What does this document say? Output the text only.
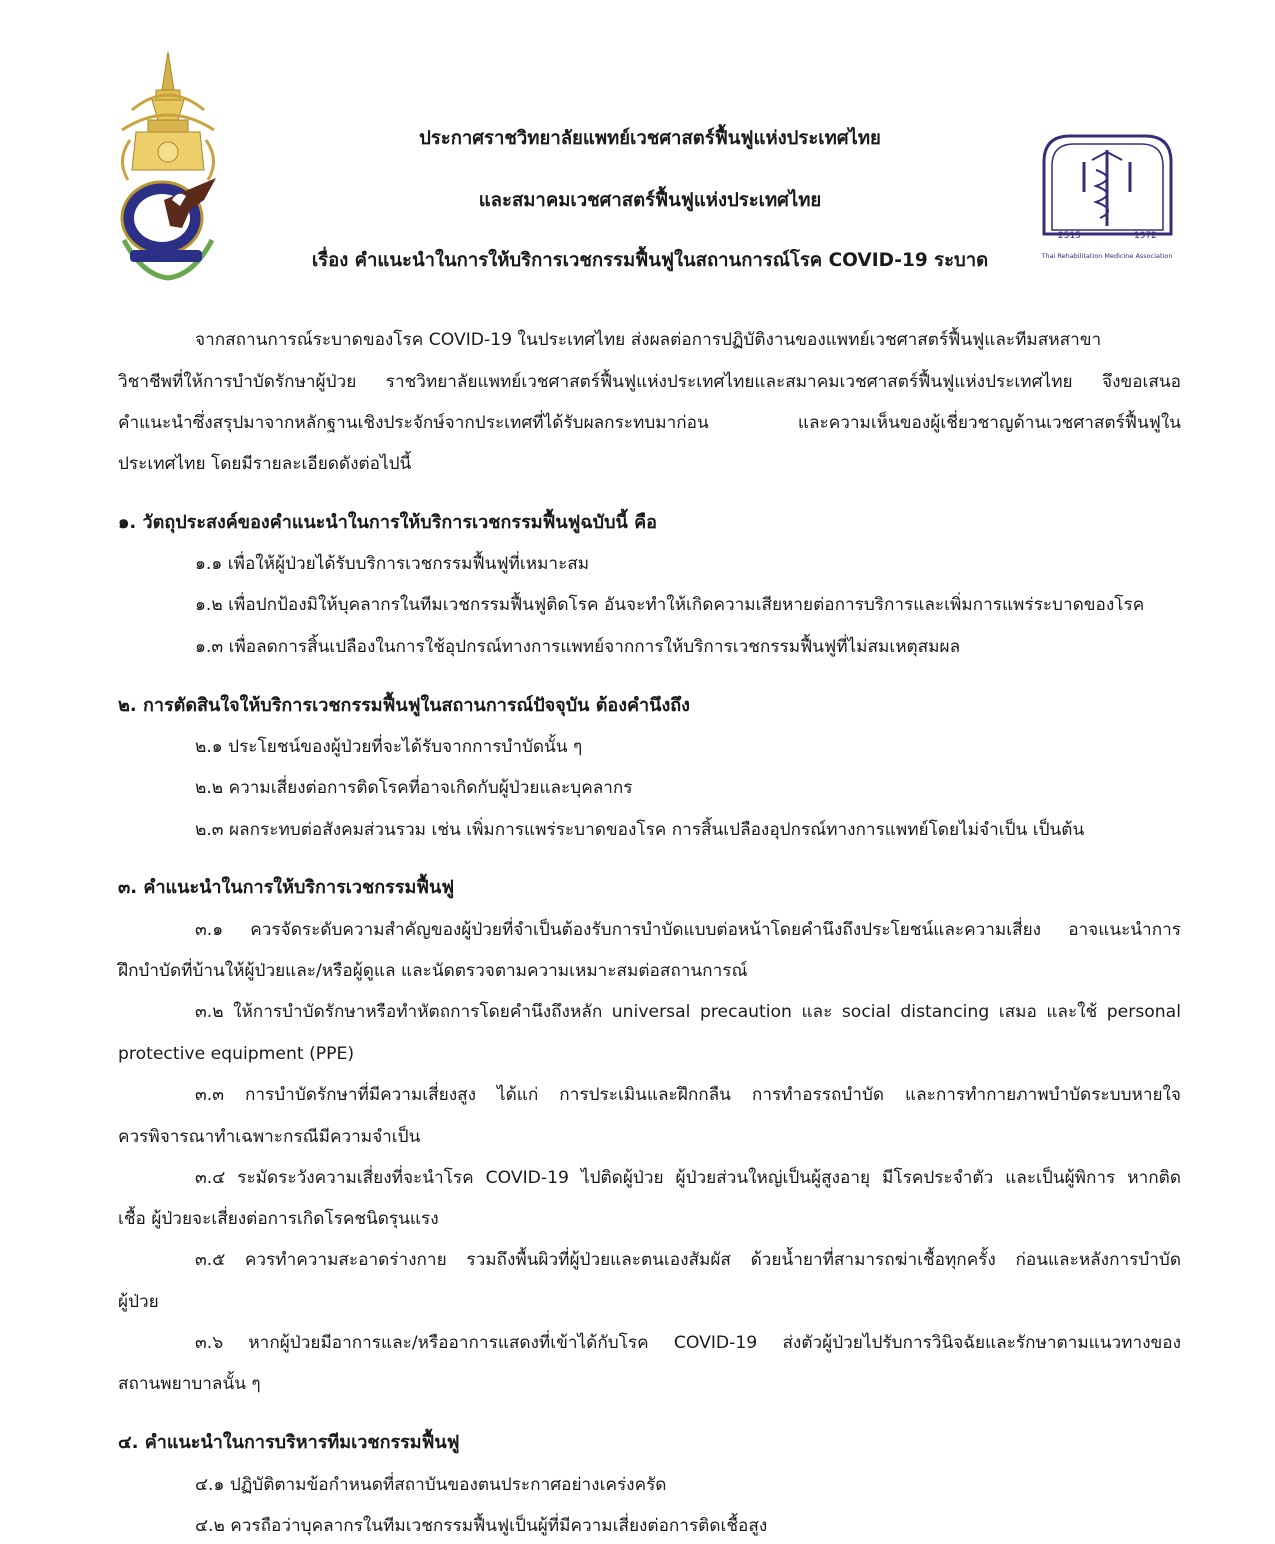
2515	1972
Thai Rehabilitation Medicine Association
ประกาศราชวิทยาลัยแพทย์เวชศาสตร์ฟื้นฟูแห่งประเทศไทย
และสมาคมเวชศาสตร์ฟื้นฟูแห่งประเทศไทย
เรื่อง คำแนะนำในการให้บริการเวชกรรมฟื้นฟูในสถานการณ์โรค COVID-19 ระบาด
จากสถานการณ์ระบาดของโรค COVID-19 ในประเทศไทย ส่งผลต่อการปฏิบัติงานของแพทย์เวชศาสตร์ฟื้นฟูและทีมสหสาขา
วิชาชีพที่ให้การบำบัดรักษาผู้ป่วย ราชวิทยาลัยแพทย์เวชศาสตร์ฟื้นฟูแห่งประเทศไทยและสมาคมเวชศาสตร์ฟื้นฟูแห่งประเทศไทย จึงขอเสนอ
คำแนะนำซึ่งสรุปมาจากหลักฐานเชิงประจักษ์จากประเทศที่ได้รับผลกระทบมาก่อน และความเห็นของผู้เชี่ยวชาญด้านเวชศาสตร์ฟื้นฟูใน
ประเทศไทย โดยมีรายละเอียดดังต่อไปนี้
๑. วัตถุประสงค์ของคำแนะนำในการให้บริการเวชกรรมฟื้นฟูฉบับนี้ คือ
๑.๑ เพื่อให้ผู้ป่วยได้รับบริการเวชกรรมฟื้นฟูที่เหมาะสม
๑.๒ เพื่อปกป้องมิให้บุคลากรในทีมเวชกรรมฟื้นฟูติดโรค อันจะทำให้เกิดความเสียหายต่อการบริการและเพิ่มการแพร่ระบาดของโรค
๑.๓ เพื่อลดการสิ้นเปลืองในการใช้อุปกรณ์ทางการแพทย์จากการให้บริการเวชกรรมฟื้นฟูที่ไม่สมเหตุสมผล
๒. การตัดสินใจให้บริการเวชกรรมฟื้นฟูในสถานการณ์ปัจจุบัน ต้องคำนึงถึง
๒.๑ ประโยชน์ของผู้ป่วยที่จะได้รับจากการบำบัดนั้น ๆ
๒.๒ ความเสี่ยงต่อการติดโรคที่อาจเกิดกับผู้ป่วยและบุคลากร
๒.๓ ผลกระทบต่อสังคมส่วนรวม เช่น เพิ่มการแพร่ระบาดของโรค การสิ้นเปลืองอุปกรณ์ทางการแพทย์โดยไม่จำเป็น เป็นต้น
๓. คำแนะนำในการให้บริการเวชกรรมฟื้นฟู
๓.๑ ควรจัดระดับความสำคัญของผู้ป่วยที่จำเป็นต้องรับการบำบัดแบบต่อหน้าโดยคำนึงถึงประโยชน์และความเสี่ยง อาจแนะนำการ
ฝึกบำบัดที่บ้านให้ผู้ป่วยและ/หรือผู้ดูแล และนัดตรวจตามความเหมาะสมต่อสถานการณ์
๓.๒ ให้การบำบัดรักษาหรือทำหัตถการโดยคำนึงถึงหลัก universal precaution และ social distancing เสมอ และใช้ personal
protective equipment (PPE)
๓.๓ การบำบัดรักษาที่มีความเสี่ยงสูง ได้แก่ การประเมินและฝึกกลืน การทำอรรถบำบัด และการทำกายภาพบำบัดระบบหายใจ
ควรพิจารณาทำเฉพาะกรณีมีความจำเป็น
๓.๔ ระมัดระวังความเสี่ยงที่จะนำโรค COVID-19 ไปติดผู้ป่วย ผู้ป่วยส่วนใหญ่เป็นผู้สูงอายุ มีโรคประจำตัว และเป็นผู้พิการ หากติด
เชื้อ ผู้ป่วยจะเสี่ยงต่อการเกิดโรคชนิดรุนแรง
๓.๕ ควรทำความสะอาดร่างกาย รวมถึงพื้นผิวที่ผู้ป่วยและตนเองสัมผัส ด้วยน้ำยาที่สามารถฆ่าเชื้อทุกครั้ง ก่อนและหลังการบำบัด
ผู้ป่วย
๓.๖ หากผู้ป่วยมีอาการและ/หรืออาการแสดงที่เข้าได้กับโรค COVID-19 ส่งตัวผู้ป่วยไปรับการวินิจฉัยและรักษาตามแนวทางของ
สถานพยาบาลนั้น ๆ
๔. คำแนะนำในการบริหารทีมเวชกรรมฟื้นฟู
๔.๑ ปฏิบัติตามข้อกำหนดที่สถาบันของตนประกาศอย่างเคร่งครัด
๔.๒ ควรถือว่าบุคลากรในทีมเวชกรรมฟื้นฟูเป็นผู้ที่มีความเสี่ยงต่อการติดเชื้อสูง
